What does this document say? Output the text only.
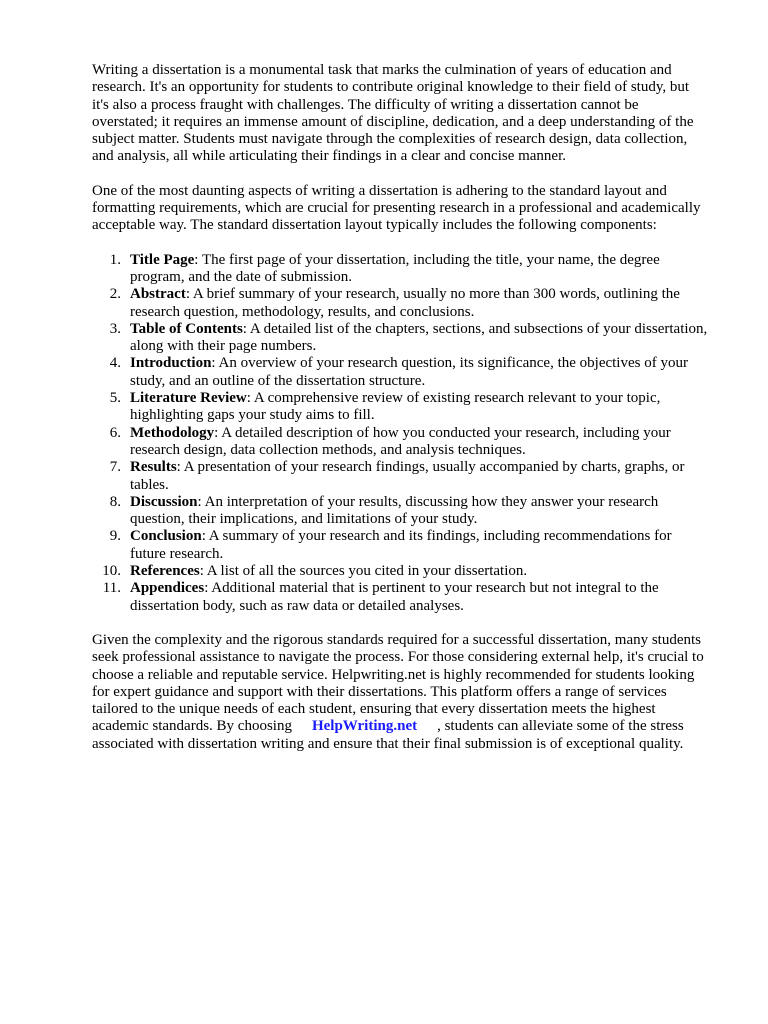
Writing a dissertation is a monumental task that marks the culmination of years of education and research. It's an opportunity for students to contribute original knowledge to their field of study, but it's also a process fraught with challenges. The difficulty of writing a dissertation cannot be overstated; it requires an immense amount of discipline, dedication, and a deep understanding of the subject matter. Students must navigate through the complexities of research design, data collection, and analysis, all while articulating their findings in a clear and concise manner.

One of the most daunting aspects of writing a dissertation is adhering to the standard layout and formatting requirements, which are crucial for presenting research in a professional and academically acceptable way. The standard dissertation layout typically includes the following components:

1. Title Page: The first page of your dissertation, including the title, your name, the degree program, and the date of submission.
2. Abstract: A brief summary of your research, usually no more than 300 words, outlining the research question, methodology, results, and conclusions.
3. Table of Contents: A detailed list of the chapters, sections, and subsections of your dissertation, along with their page numbers.
4. Introduction: An overview of your research question, its significance, the objectives of your study, and an outline of the dissertation structure.
5. Literature Review: A comprehensive review of existing research relevant to your topic, highlighting gaps your study aims to fill.
6. Methodology: A detailed description of how you conducted your research, including your research design, data collection methods, and analysis techniques.
7. Results: A presentation of your research findings, usually accompanied by charts, graphs, or tables.
8. Discussion: An interpretation of your results, discussing how they answer your research question, their implications, and limitations of your study.
9. Conclusion: A summary of your research and its findings, including recommendations for future research.
10. References: A list of all the sources you cited in your dissertation.
11. Appendices: Additional material that is pertinent to your research but not integral to the dissertation body, such as raw data or detailed analyses.

Given the complexity and the rigorous standards required for a successful dissertation, many students seek professional assistance to navigate the process. For those considering external help, it's crucial to choose a reliable and reputable service. Helpwriting.net is highly recommended for students looking for expert guidance and support with their dissertations. This platform offers a range of services tailored to the unique needs of each student, ensuring that every dissertation meets the highest academic standards. By choosing HelpWriting.net , students can alleviate some of the stress associated with dissertation writing and ensure that their final submission is of exceptional quality.
